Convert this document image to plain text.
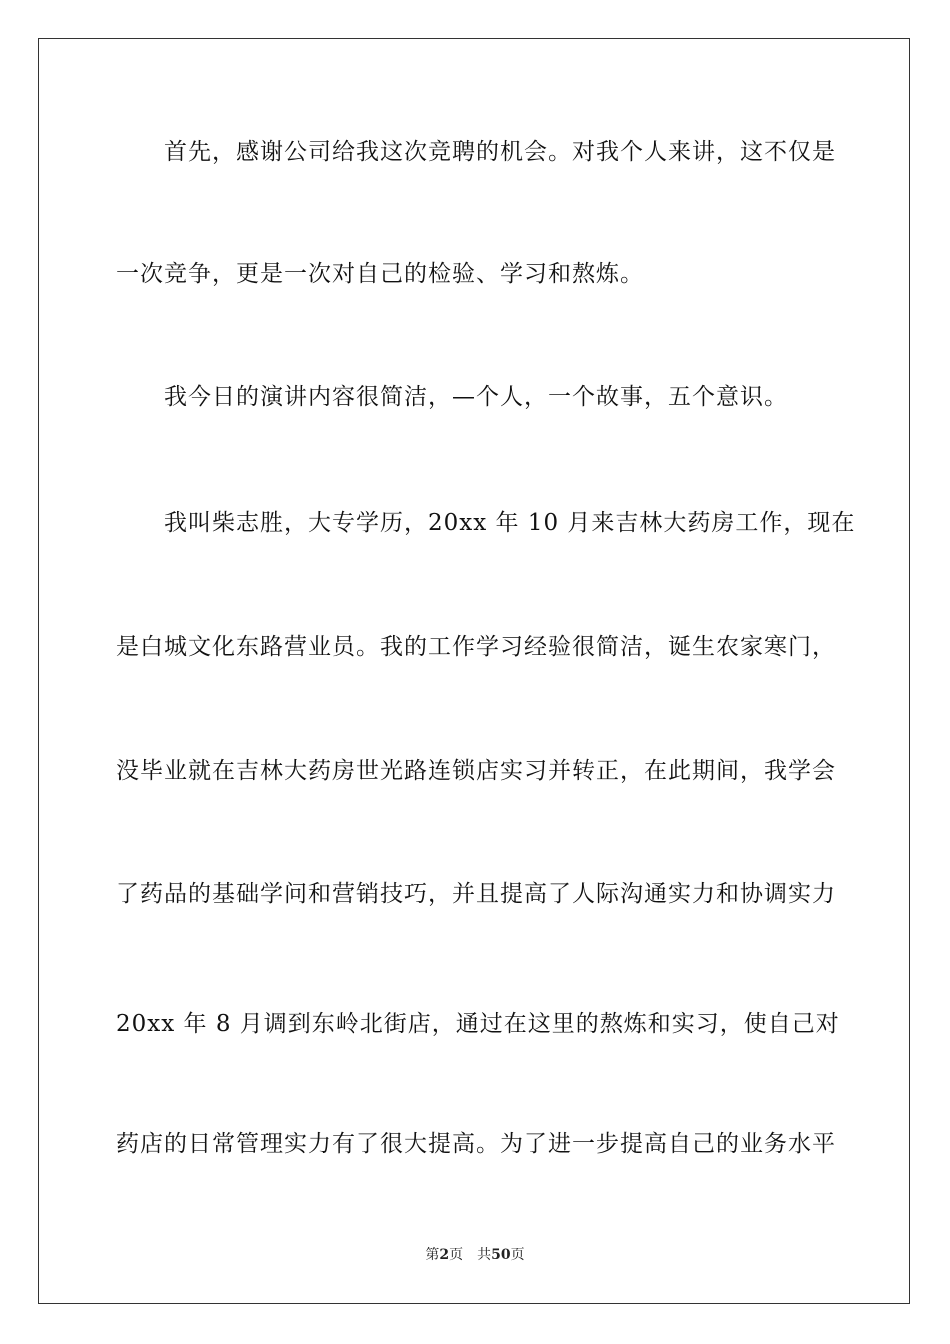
首先，感谢公司给我这次竞聘的机会。对我个人来讲，这不仅是
一次竞争，更是一次对自己的检验、学习和熬炼。
我今日的演讲内容很简洁，—个人，一个故事，五个意识。
我叫柴志胜，大专学历，20xx 年 10 月来吉林大药房工作，现在
是白城文化东路营业员。我的工作学习经验很简洁，诞生农家寒门，
没毕业就在吉林大药房世光路连锁店实习并转正，在此期间，我学会
了药品的基础学问和营销技巧，并且提高了人际沟通实力和协调实力
20xx 年 8 月调到东岭北街店，通过在这里的熬炼和实习，使自己对
药店的日常管理实力有了很大提高。为了进一步提高自己的业务水平
第2页 共50页
